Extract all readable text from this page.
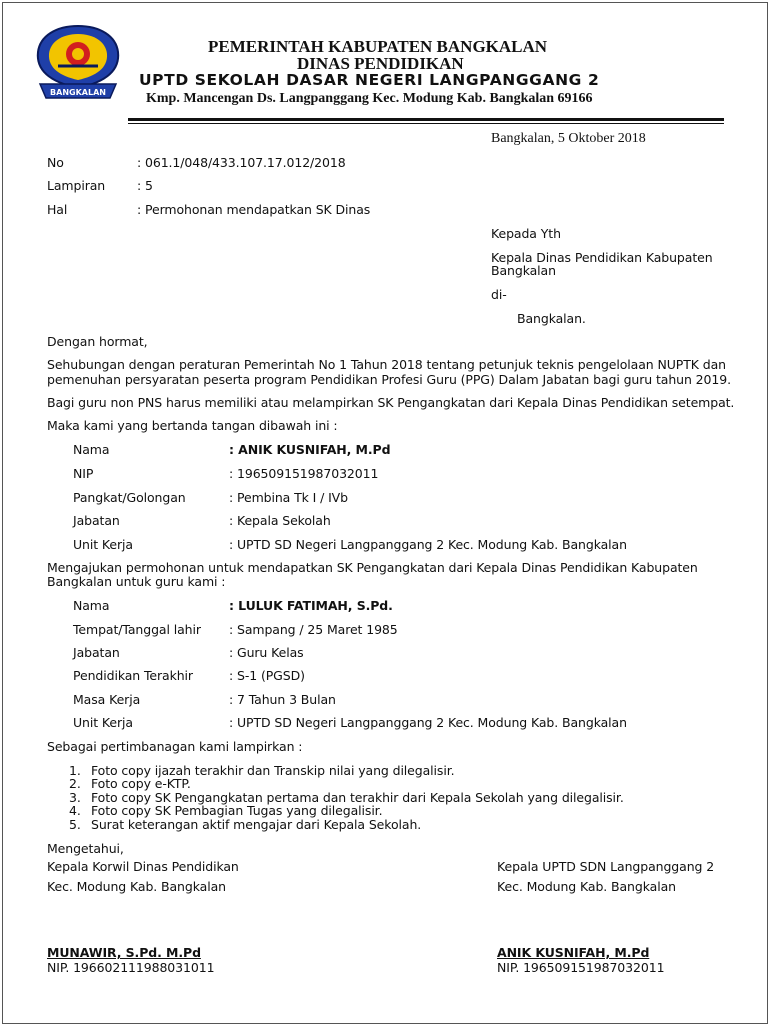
BANGKALAN
PEMERINTAH KABUPATEN BANGKALAN
DINAS PENDIDIKAN
UPTD SEKOLAH DASAR NEGERI LANGPANGGANG 2
Kmp. Mancengan Ds. Langpanggang Kec. Modung Kab. Bangkalan 69166
Bangkalan, 5 Oktober 2018
No	: 061.1/048/433.107.17.012/2018
Lampiran	: 5
Hal	: Permohonan mendapatkan SK Dinas
Kepada Yth
Kepala Dinas Pendidikan Kabupaten
Bangkalan
di-
Bangkalan.
Dengan hormat,
Sehubungan dengan peraturan Pemerintah No 1 Tahun 2018 tentang petunjuk teknis pengelolaan NUPTK dan
pemenuhan persyaratan peserta program Pendidikan Profesi Guru (PPG) Dalam Jabatan bagi guru tahun 2019.
Bagi guru non PNS harus memiliki atau melampirkan SK Pengangkatan dari Kepala Dinas Pendidikan setempat.
Maka kami yang bertanda tangan dibawah ini :
Nama	: ANIK KUSNIFAH, M.Pd
NIP	: 196509151987032011
Pangkat/Golongan	: Pembina Tk I / IVb
Jabatan	: Kepala Sekolah
Unit Kerja	: UPTD SD Negeri Langpanggang 2 Kec. Modung Kab. Bangkalan
Mengajukan permohonan untuk mendapatkan SK Pengangkatan dari Kepala Dinas Pendidikan Kabupaten
Bangkalan untuk guru kami :
Nama	: LULUK FATIMAH, S.Pd.
Tempat/Tanggal lahir : Sampang / 25 Maret 1985
Jabatan	: Guru Kelas
Pendidikan Terakhir	: S-1 (PGSD)
Masa Kerja	: 7 Tahun 3 Bulan
Unit Kerja	: UPTD SD Negeri Langpanggang 2 Kec. Modung Kab. Bangkalan
Sebagai pertimbanagan kami lampirkan :
1. Foto copy ijazah terakhir dan Transkip nilai yang dilegalisir.
2. Foto copy e-KTP.
3. Foto copy SK Pengangkatan pertama dan terakhir dari Kepala Sekolah yang dilegalisir.
4. Foto copy SK Pembagian Tugas yang dilegalisir.
5. Surat keterangan aktif mengajar dari Kepala Sekolah.
Mengetahui,
Kepala Korwil Dinas Pendidikan
Kec. Modung Kab. Bangkalan
Kepala UPTD SDN Langpanggang 2
Kec. Modung Kab. Bangkalan
MUNAWIR, S.Pd. M.Pd
NIP. 196602111988031011
ANIK KUSNIFAH, M.Pd
NIP. 196509151987032011
